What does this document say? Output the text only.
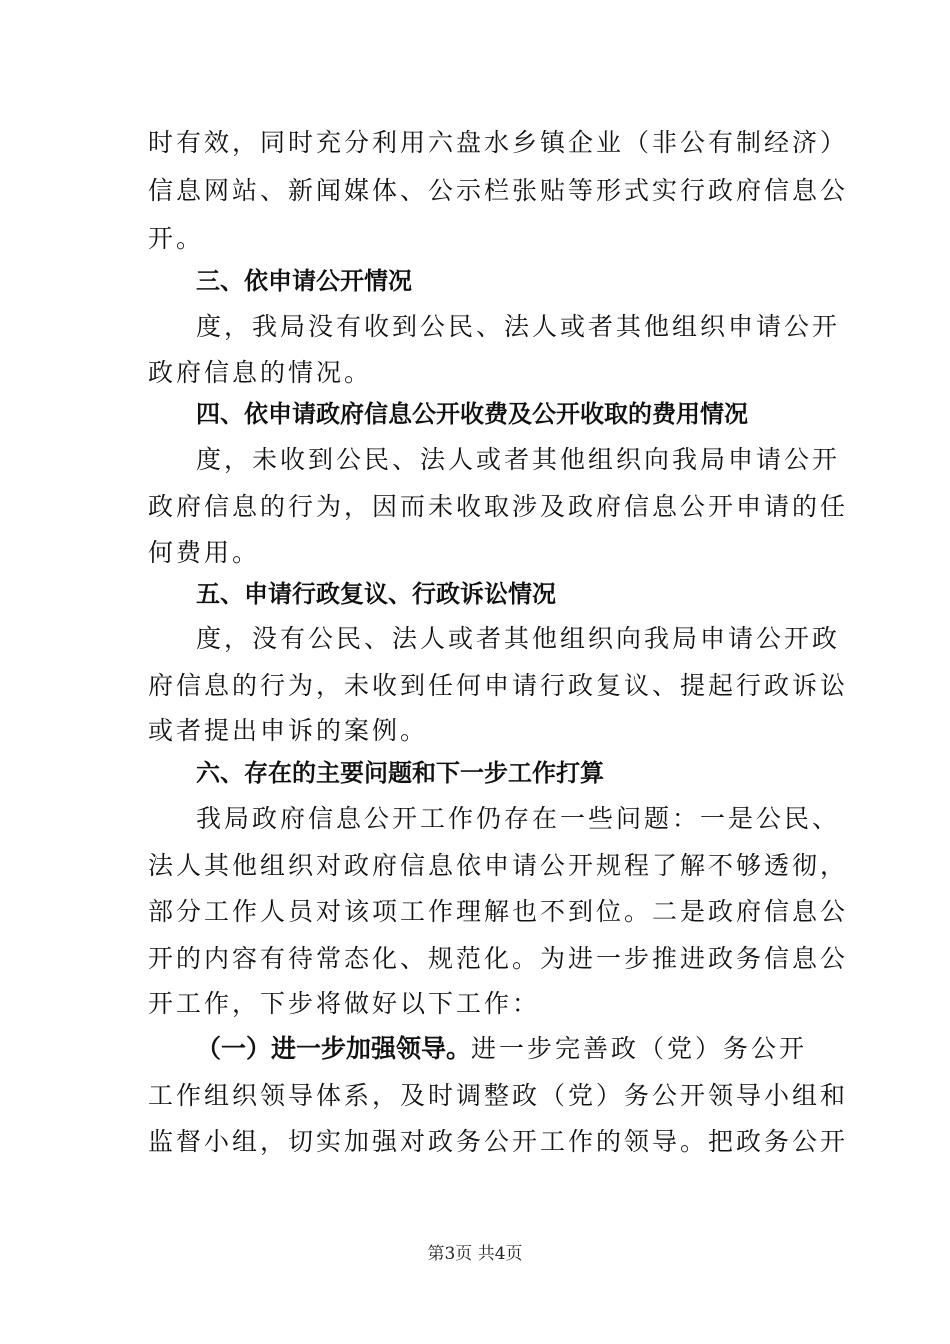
时有效，同时充分利用六盘水乡镇企业（非公有制经济）
信息网站、新闻媒体、公示栏张贴等形式实行政府信息公
开。
三、依申请公开情况
度，我局没有收到公民、法人或者其他组织申请公开
政府信息的情况。
四、依申请政府信息公开收费及公开收取的费用情况
度，未收到公民、法人或者其他组织向我局申请公开
政府信息的行为，因而未收取涉及政府信息公开申请的任
何费用。
五、申请行政复议、行政诉讼情况
度，没有公民、法人或者其他组织向我局申请公开政
府信息的行为，未收到任何申请行政复议、提起行政诉讼
或者提出申诉的案例。
六、存在的主要问题和下一步工作打算
我局政府信息公开工作仍存在一些问题：一是公民、
法人其他组织对政府信息依申请公开规程了解不够透彻，
部分工作人员对该项工作理解也不到位。二是政府信息公
开的内容有待常态化、规范化。为进一步推进政务信息公
开工作，下步将做好以下工作：
（一）进一步加强领导。进一步完善政（党）务公开
工作组织领导体系，及时调整政（党）务公开领导小组和
监督小组，切实加强对政务公开工作的领导。把政务公开
第3页 共4页
